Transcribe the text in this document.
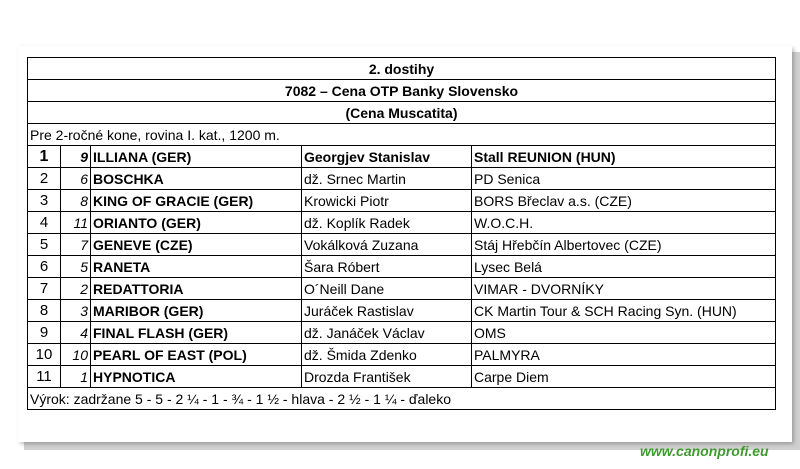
2. dostihy				
7082 – Cena OTP Banky Slovensko				
(Cena Muscatita)				
Pre 2-ročné kone, rovina I. kat., 1200 m.				
1	9	ILLIANA (GER)	Georgjev Stanislav	Stall REUNION (HUN)
2	6	BOSCHKA	dž. Srnec Martin	PD Senica
3	8	KING OF GRACIE (GER)	Krowicki Piotr	BORS Břeclav a.s. (CZE)
4	11	ORIANTO (GER)	dž. Koplík Radek	W.O.C.H.
5	7	GENEVE (CZE)	Vokálková Zuzana	Stáj Hřebčín Albertovec (CZE)
6	5	RANETA	Šara Róbert	Lysec Belá
7	2	REDATTORIA	O´Neill Dane	VIMAR - DVORNÍKY
8	3	MARIBOR (GER)	Juráček Rastislav	CK Martin Tour & SCH Racing Syn. (HUN)
9	4	FINAL FLASH (GER)	dž. Janáček Václav	OMS
10	10	PEARL OF EAST (POL)	dž. Šmida Zdenko	PALMYRA
11	1	HYPNOTICA	Drozda František	Carpe Diem
Výrok: zadržane 5 - 5 - 2 ¼ - 1 - ¾ - 1 ½ - hlava - 2 ½ - 1 ¼ - ďaleko				
www.canonprofi.eu
